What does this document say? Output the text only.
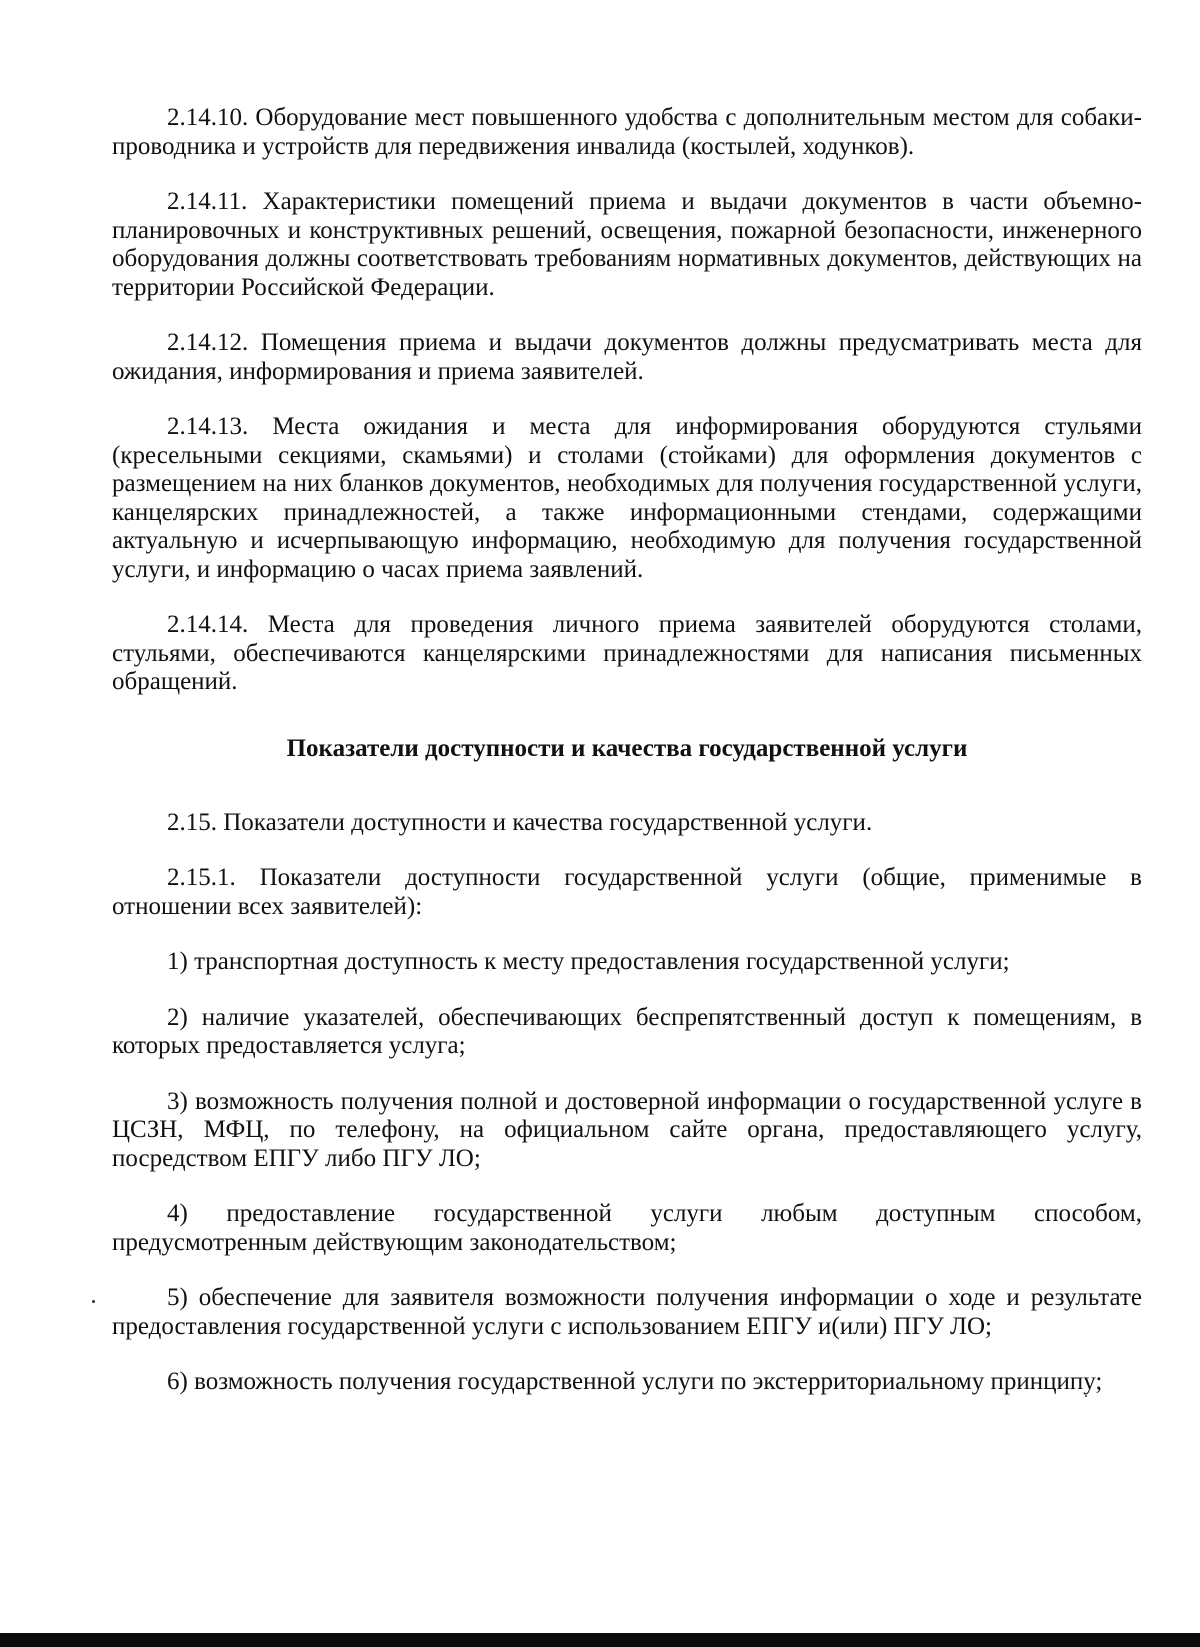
2.14.10. Оборудование мест повышенного удобства с дополнительным местом для собаки-проводника и устройств для передвижения инвалида (костылей, ходунков).

2.14.11. Характеристики помещений приема и выдачи документов в части объемно-планировочных и конструктивных решений, освещения, пожарной безопасности, инженерного оборудования должны соответствовать требованиям нормативных документов, действующих на территории Российской Федерации.

2.14.12. Помещения приема и выдачи документов должны предусматривать места для ожидания, информирования и приема заявителей.

2.14.13. Места ожидания и места для информирования оборудуются стульями (кресельными секциями, скамьями) и столами (стойками) для оформления документов с размещением на них бланков документов, необходимых для получения государственной услуги, канцелярских принадлежностей, а также информационными стендами, содержащими актуальную и исчерпывающую информацию, необходимую для получения государственной услуги, и информацию о часах приема заявлений.

2.14.14. Места для проведения личного приема заявителей оборудуются столами, стульями, обеспечиваются канцелярскими принадлежностями для написания письменных обращений.

Показатели доступности и качества государственной услуги

2.15. Показатели доступности и качества государственной услуги.

2.15.1. Показатели доступности государственной услуги (общие, применимые в отношении всех заявителей):

1) транспортная доступность к месту предоставления государственной услуги;

2) наличие указателей, обеспечивающих беспрепятственный доступ к помещениям, в которых предоставляется услуга;

3) возможность получения полной и достоверной информации о государственной услуге в ЦСЗН, МФЦ, по телефону, на официальном сайте органа, предоставляющего услугу, посредством ЕПГУ либо ПГУ ЛО;

4) предоставление государственной услуги любым доступным способом, предусмотренным действующим законодательством;

5) обеспечение для заявителя возможности получения информации о ходе и результате предоставления государственной услуги с использованием ЕПГУ и(или) ПГУ ЛО;

6) возможность получения государственной услуги по экстерриториальному принципу;
